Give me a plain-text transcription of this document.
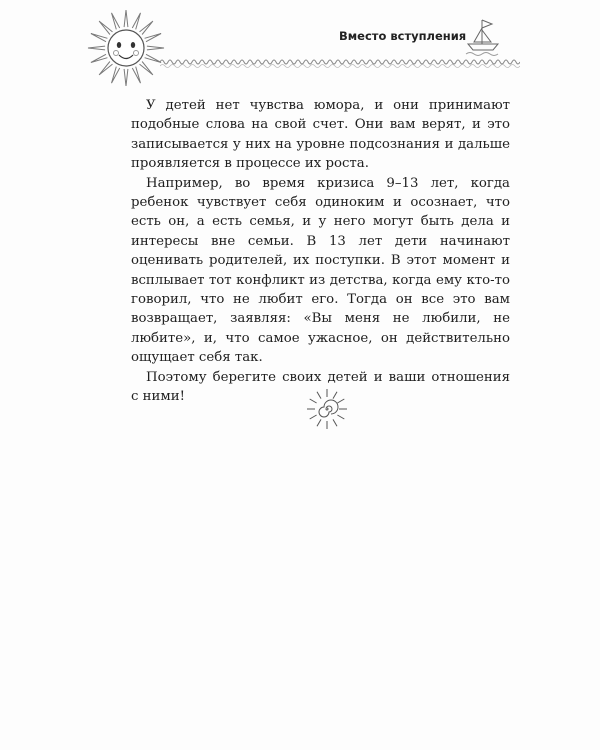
Вместо вступления

У детей нет чувства юмора, и они принимают подобные слова на свой счет. Они вам верят, и это записывается у них на уровне подсознания и дальше проявляется в процессе их роста.

Например, во время кризиса 9–13 лет, когда ребенок чувствует себя одиноким и осознает, что есть он, а есть семья, и у него могут быть дела и интересы вне семьи. В 13 лет дети начинают оценивать родителей, их поступки. В этот момент и всплывает тот конфликт из детства, когда ему кто-то говорил, что не любит его. Тогда он все это вам возвращает, заявляя: «Вы меня не любили, не любите», и, что самое ужасное, он действительно ощущает себя так.

Поэтому берегите своих детей и ваши отношения с ними!
